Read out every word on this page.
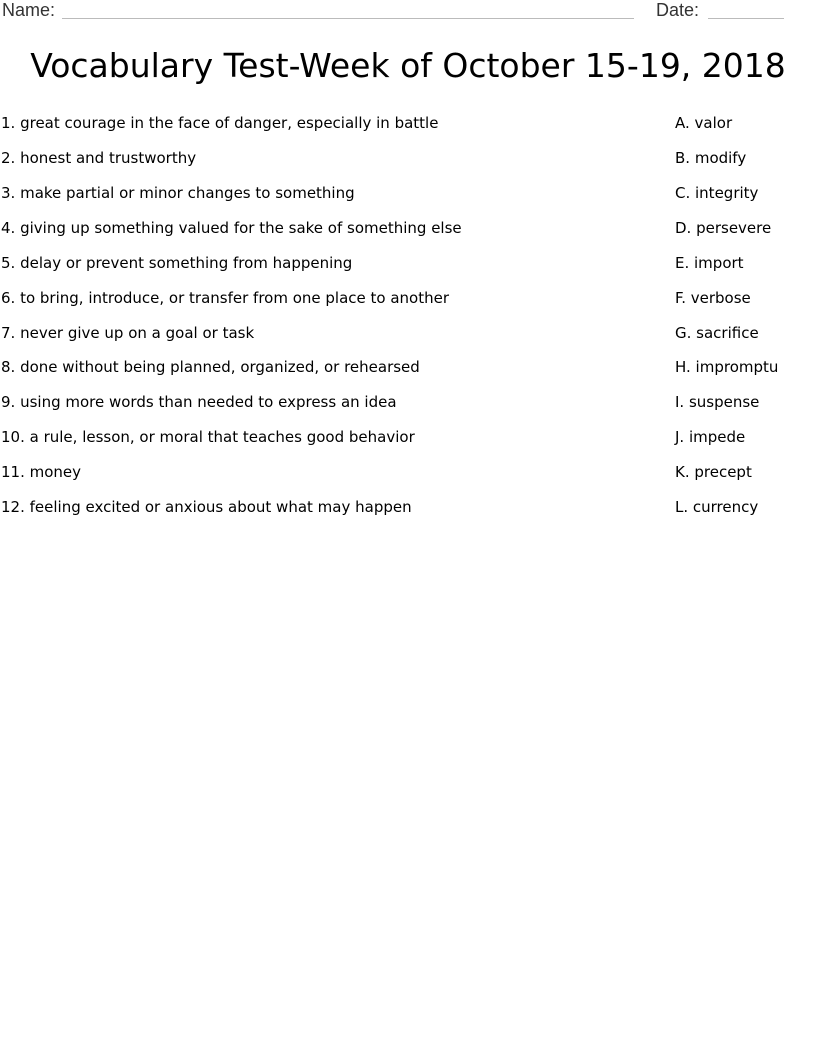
Name:	Date:
Vocabulary Test-Week of October 15-19, 2018
1. great courage in the face of danger, especially in battle	A. valor
2. honest and trustworthy	B. modify
3. make partial or minor changes to something	C. integrity
4. giving up something valued for the sake of something else	D. persevere
5. delay or prevent something from happening	E. import
6. to bring, introduce, or transfer from one place to another	F. verbose
7. never give up on a goal or task	G. sacrifice
8. done without being planned, organized, or rehearsed	H. impromptu
9. using more words than needed to express an idea	I. suspense
10. a rule, lesson, or moral that teaches good behavior	J. impede
11. money	K. precept
12. feeling excited or anxious about what may happen	L. currency
